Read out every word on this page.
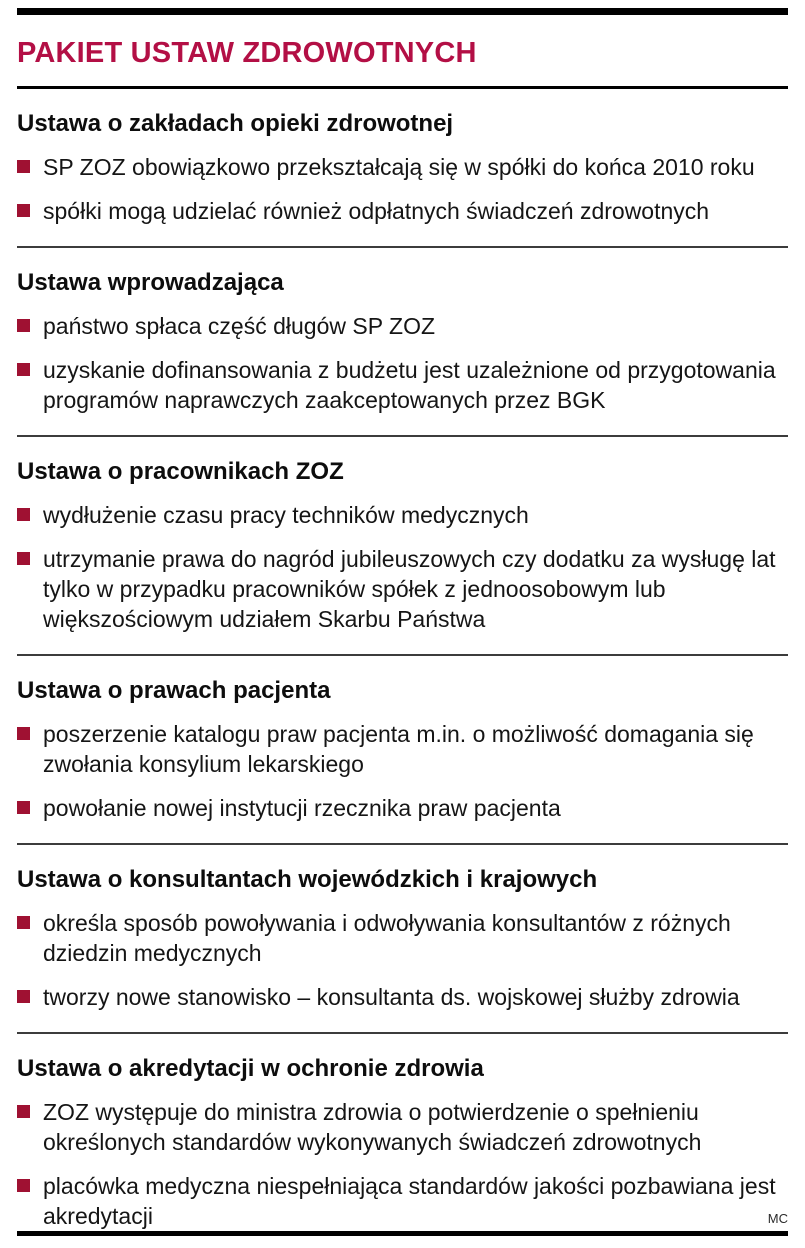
PAKIET USTAW ZDROWOTNYCH
Ustawa o zakładach opieki zdrowotnej
SP ZOZ obowiązkowo przekształcają się w spółki do końca 2010 roku
spółki mogą udzielać również odpłatnych świadczeń zdrowotnych
Ustawa wprowadzająca
państwo spłaca część długów SP ZOZ
uzyskanie dofinansowania z budżetu jest uzależnione od przygotowania programów naprawczych zaakceptowanych przez BGK
Ustawa o pracownikach ZOZ
wydłużenie czasu pracy techników medycznych
utrzymanie prawa do nagród jubileuszowych czy dodatku za wysługę lat tylko w przypadku pracowników spółek z jednoosobowym lub większościowym udziałem Skarbu Państwa
Ustawa o prawach pacjenta
poszerzenie katalogu praw pacjenta m.in. o możliwość domagania się zwołania konsylium lekarskiego
powołanie nowej instytucji rzecznika praw pacjenta
Ustawa o konsultantach wojewódzkich i krajowych
określa sposób powoływania i odwoływania konsultantów z różnych dziedzin medycznych
tworzy nowe stanowisko – konsultanta ds. wojskowej służby zdrowia
Ustawa o akredytacji w ochronie zdrowia
ZOZ występuje do ministra zdrowia o potwierdzenie o spełnieniu określonych standardów wykonywanych świadczeń zdrowotnych
placówka medyczna niespełniająca standardów jakości pozbawiana jest akredytacji	MC
